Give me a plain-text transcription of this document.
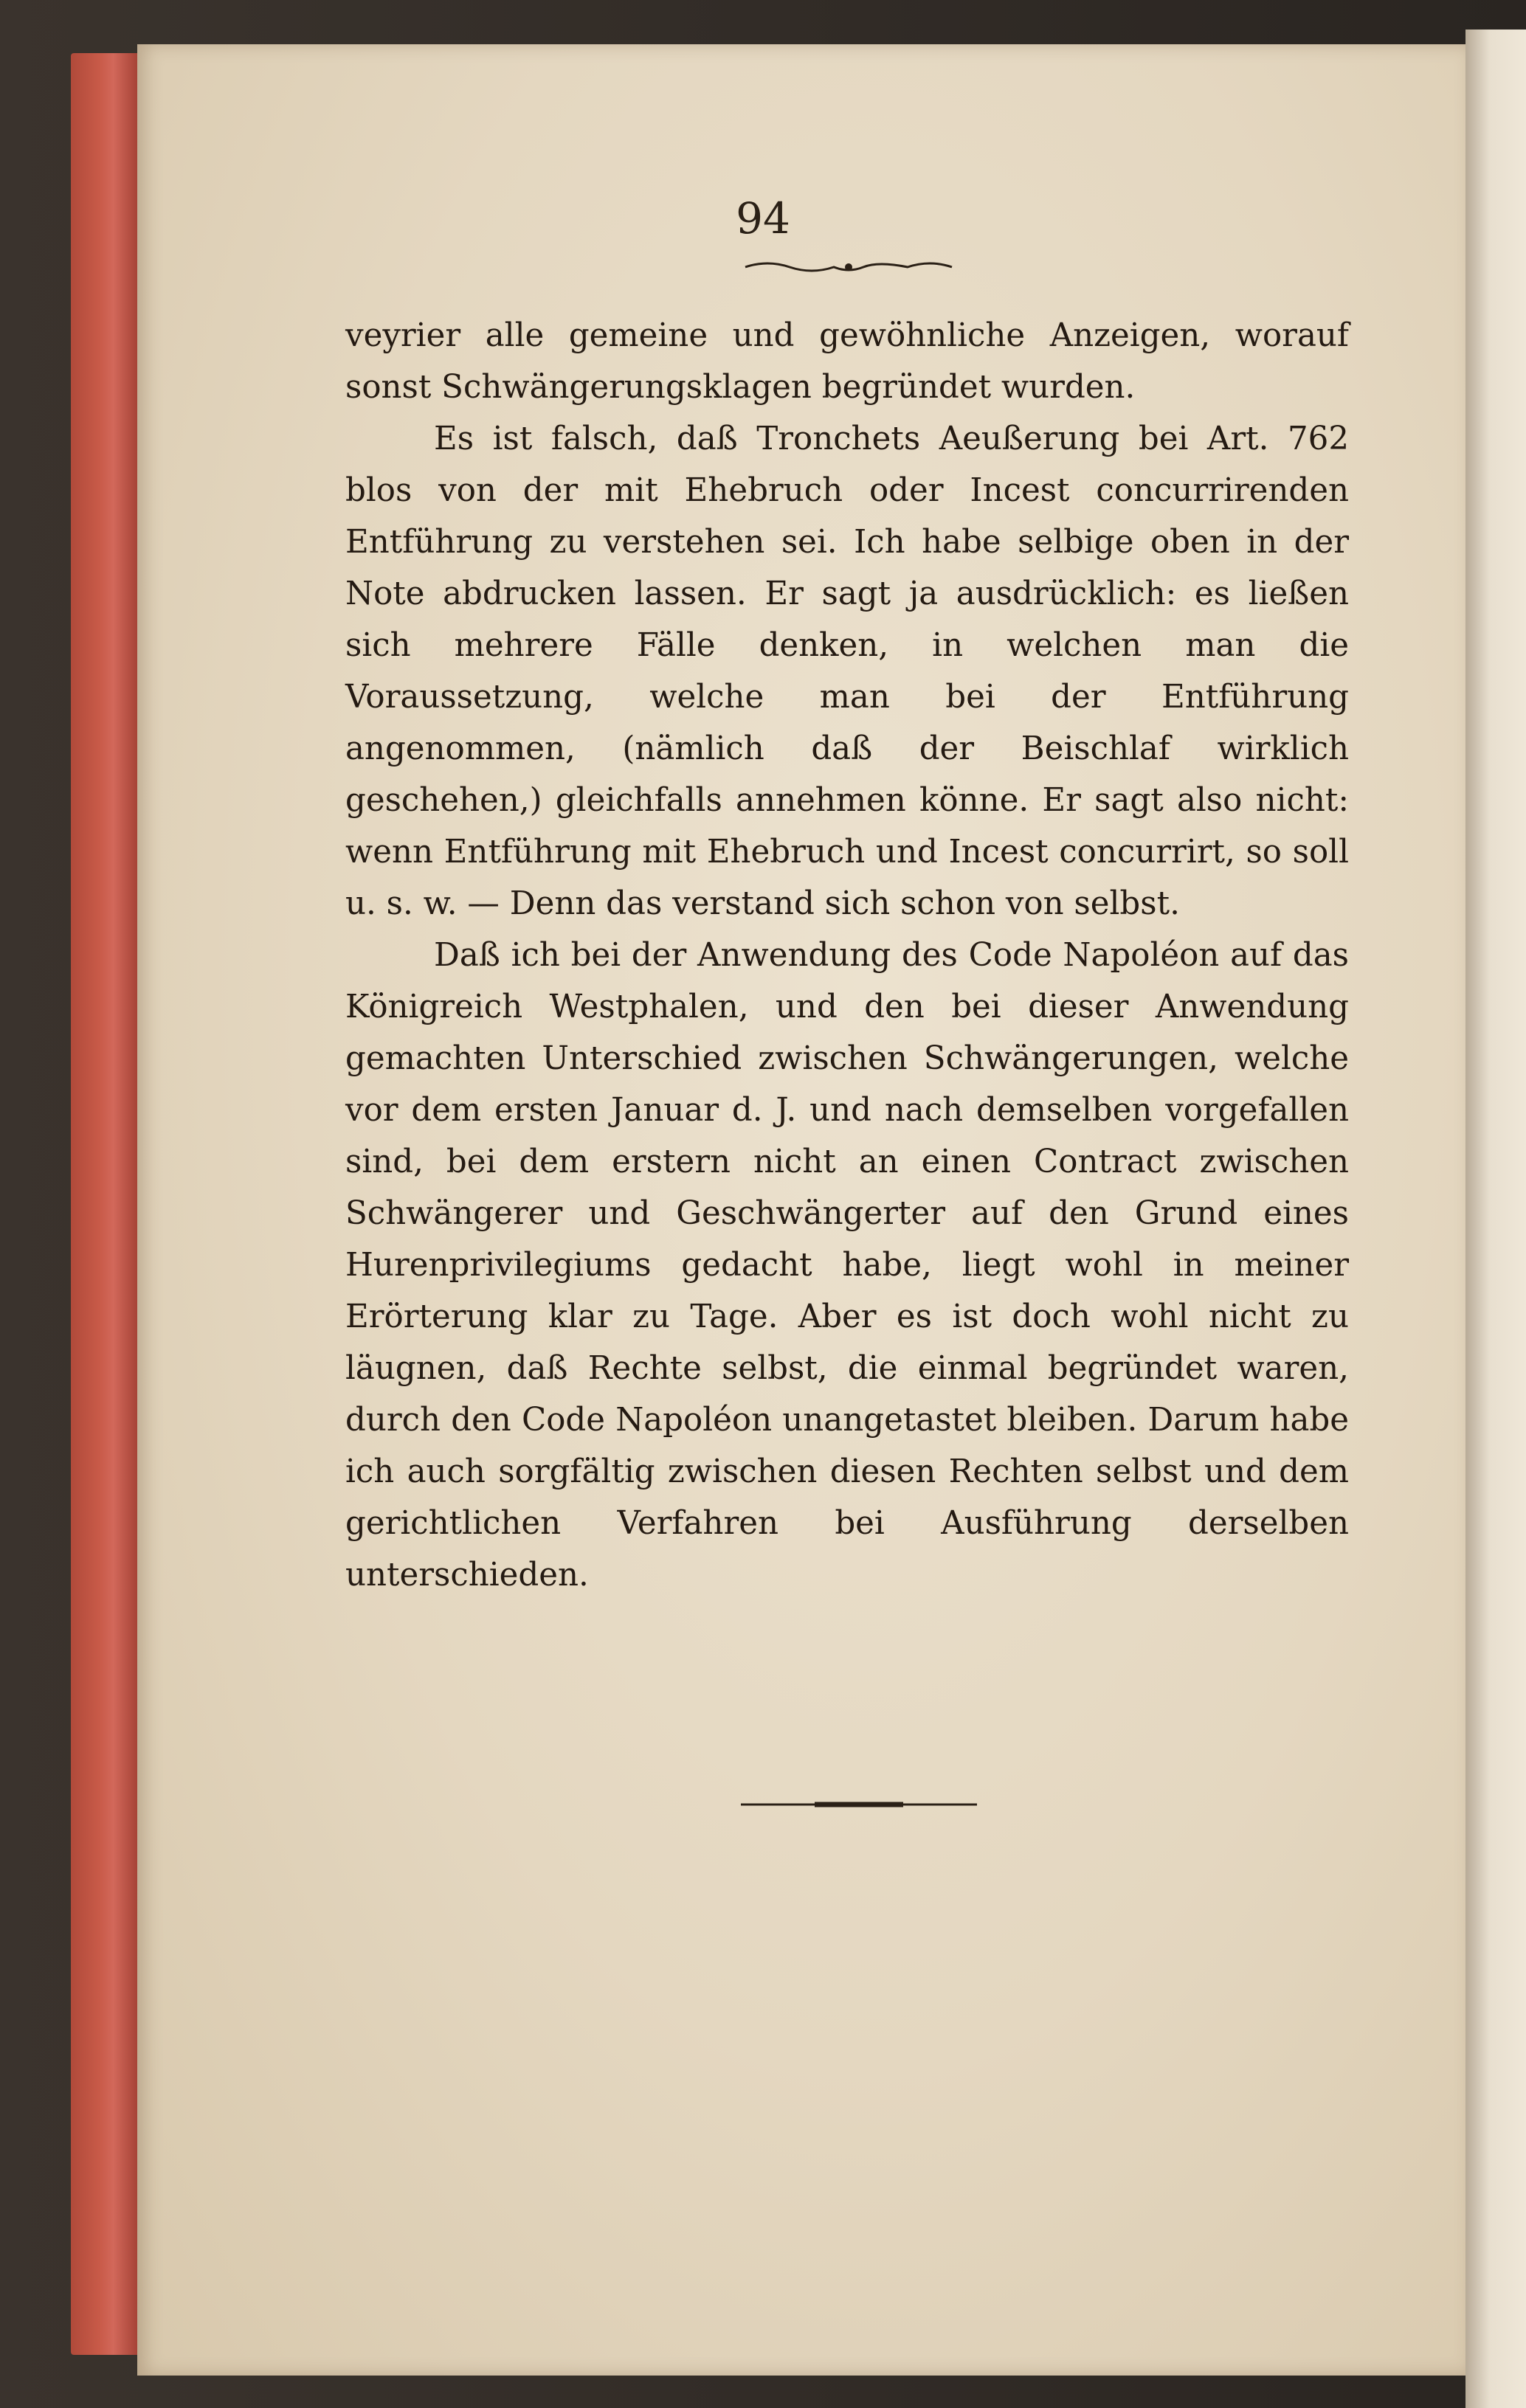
94

veyrier alle gemeine und gewöhnliche Anzeigen, worauf sonst Schwängerungsklagen begründet wurden.

Es ist falsch, daß Tronchets Aeußerung bei Art. 762 blos von der mit Ehebruch oder Incest concurrirenden Entführung zu verstehen sei. Ich habe selbige oben in der Note abdrucken lassen. Er sagt ja ausdrücklich: es ließen sich mehrere Fälle denken, in welchen man die Voraussetzung, welche man bei der Entführung angenommen, (nämlich daß der Beischlaf wirklich geschehen,) gleichfalls annehmen könne. Er sagt also nicht: wenn Entführung mit Ehebruch und Incest concurrirt, so soll u. s. w. — Denn das verstand sich schon von selbst.

Daß ich bei der Anwendung des Code Napoléon auf das Königreich Westphalen, und den bei dieser Anwendung gemachten Unterschied zwischen Schwängerungen, welche vor dem ersten Januar d. J. und nach demselben vorgefallen sind, bei dem erstern nicht an einen Contract zwischen Schwängerer und Geschwängerter auf den Grund eines Hurenprivilegiums gedacht habe, liegt wohl in meiner Erörterung klar zu Tage. Aber es ist doch wohl nicht zu läugnen, daß Rechte selbst, die einmal begründet waren, durch den Code Napoléon unangetastet bleiben. Darum habe ich auch sorgfältig zwischen diesen Rechten selbst und dem gerichtlichen Verfahren bei Ausführung derselben unterschieden.
